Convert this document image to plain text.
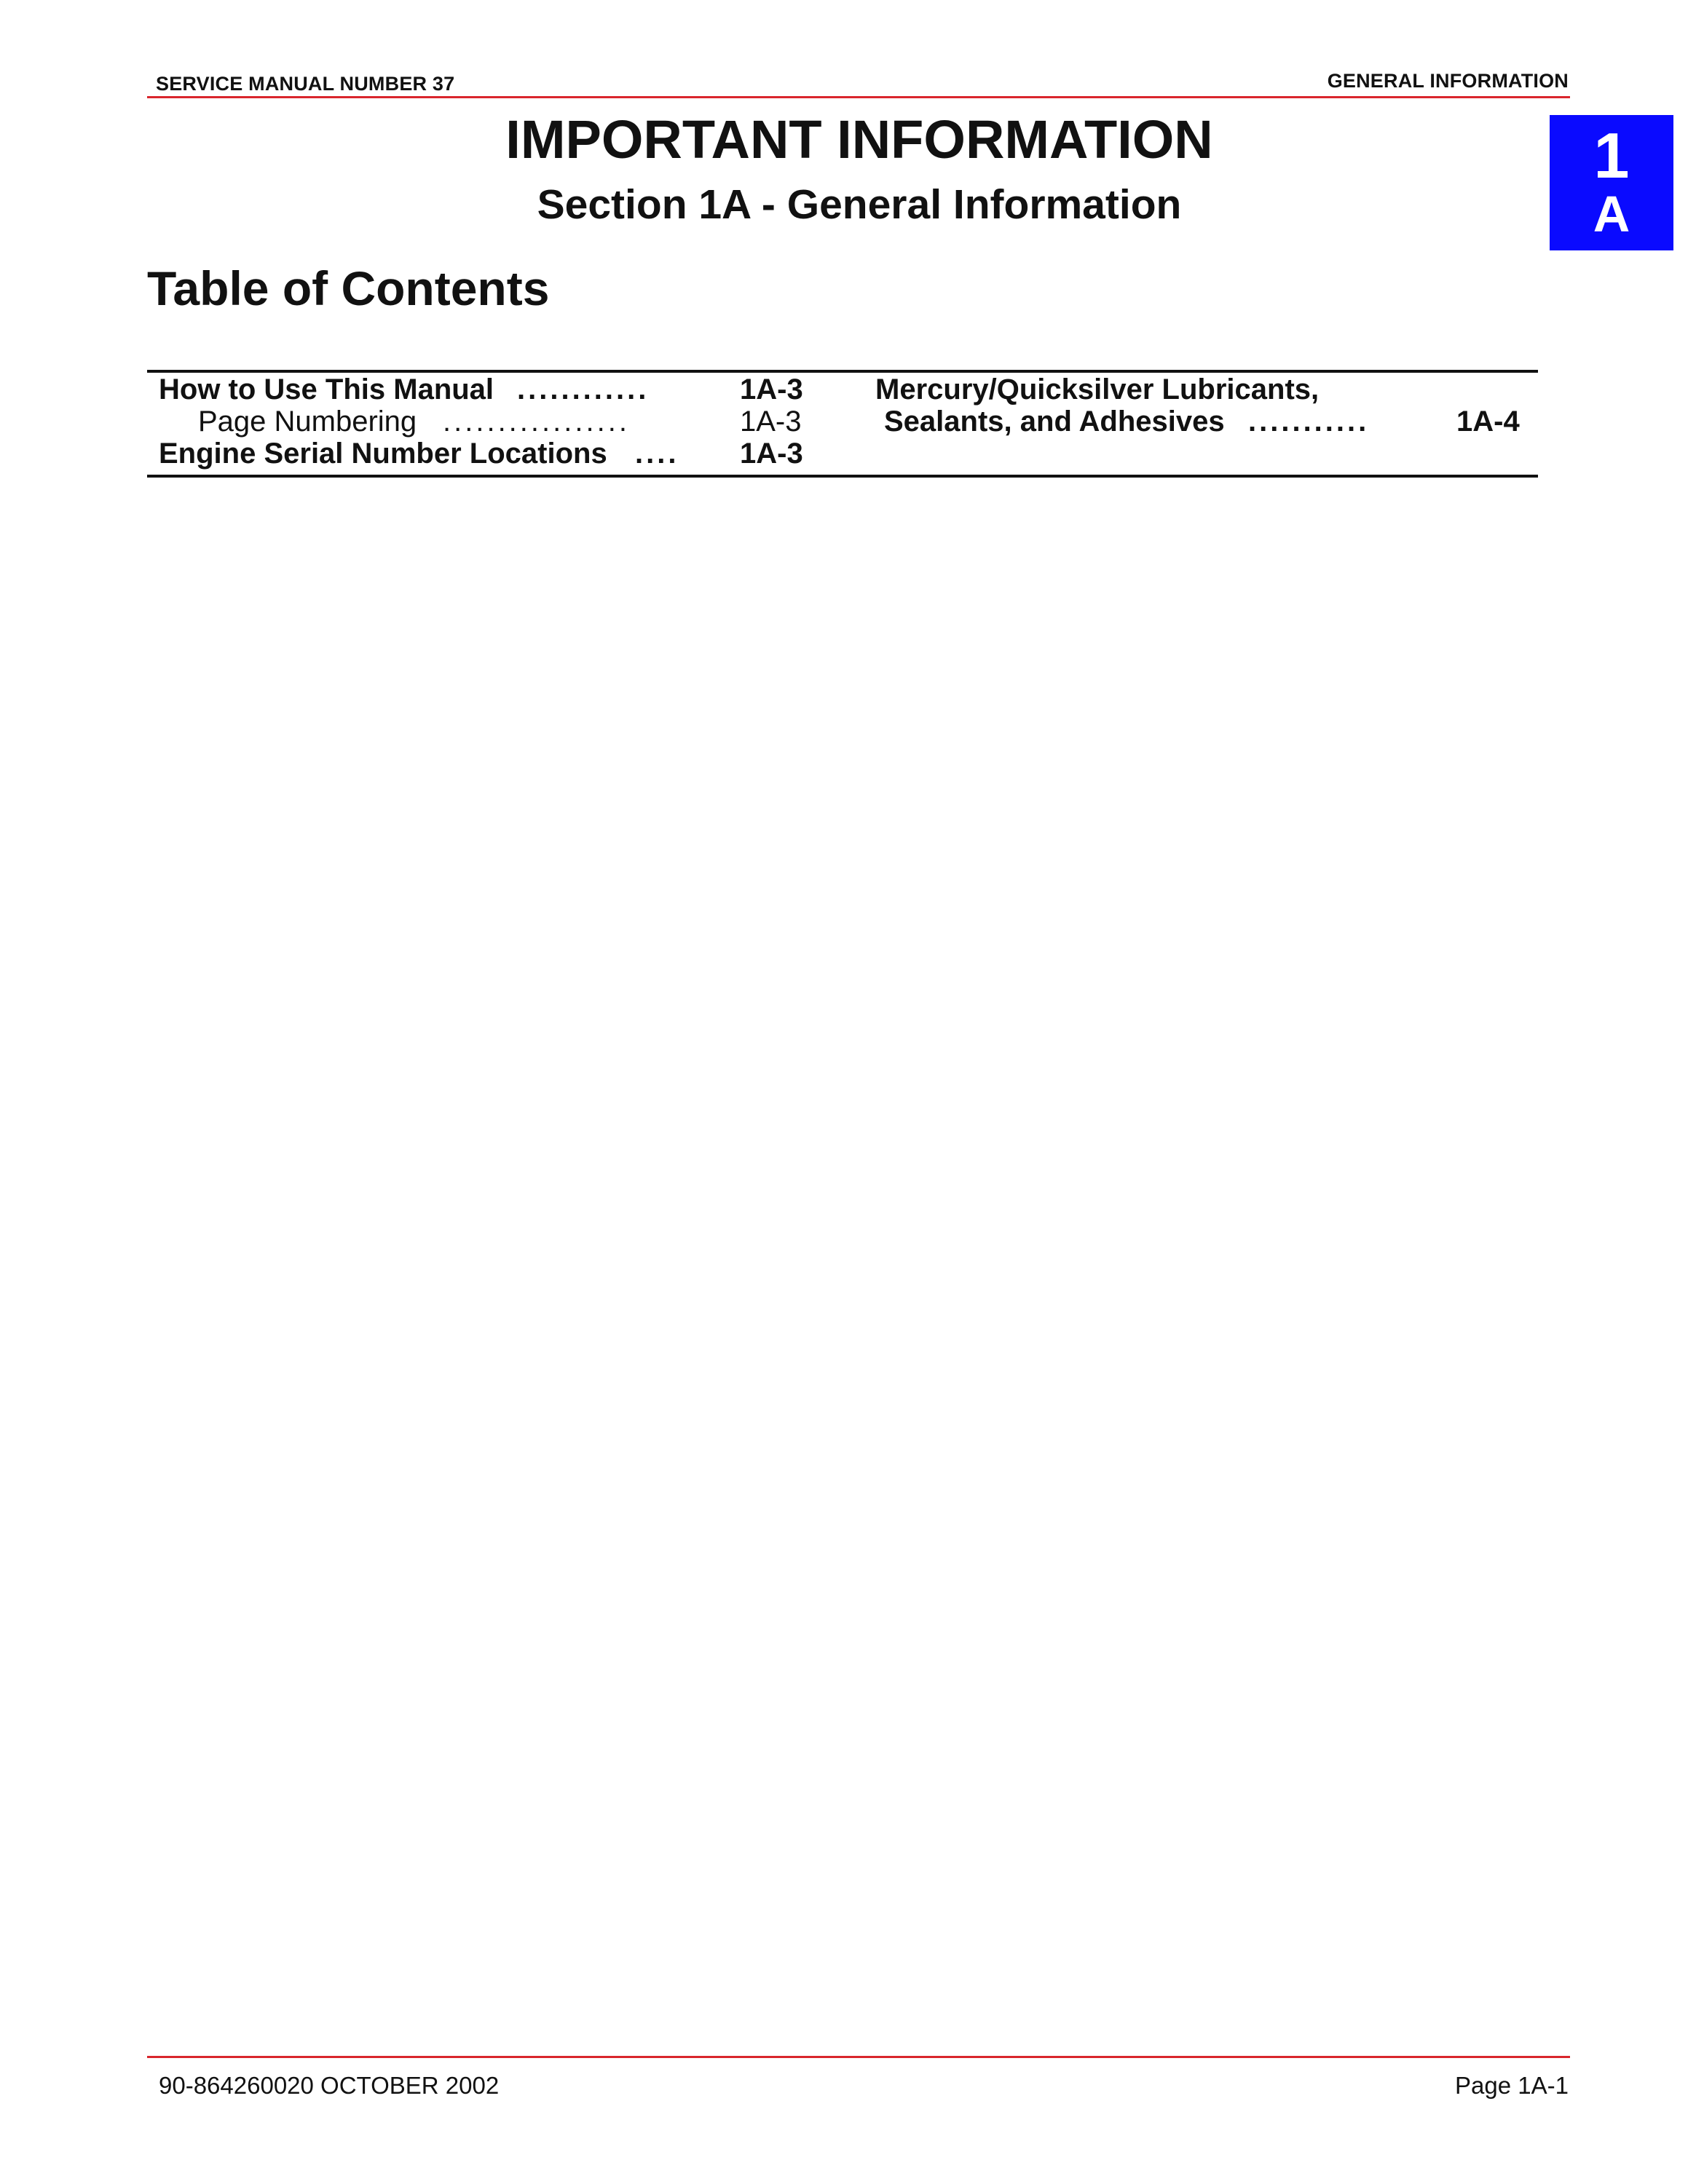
SERVICE MANUAL NUMBER 37	GENERAL INFORMATION
1
A
IMPORTANT INFORMATION
Section 1A - General Information
Table of Contents
How to Use This Manual ............	1A-3
Page Numbering .................	1A-3
Engine Serial Number Locations .... 1A-3
Mercury/Quicksilver Lubricants,
Sealants, and Adhesives ...........	1A-4
90-864260020 OCTOBER 2002	Page 1A-1
